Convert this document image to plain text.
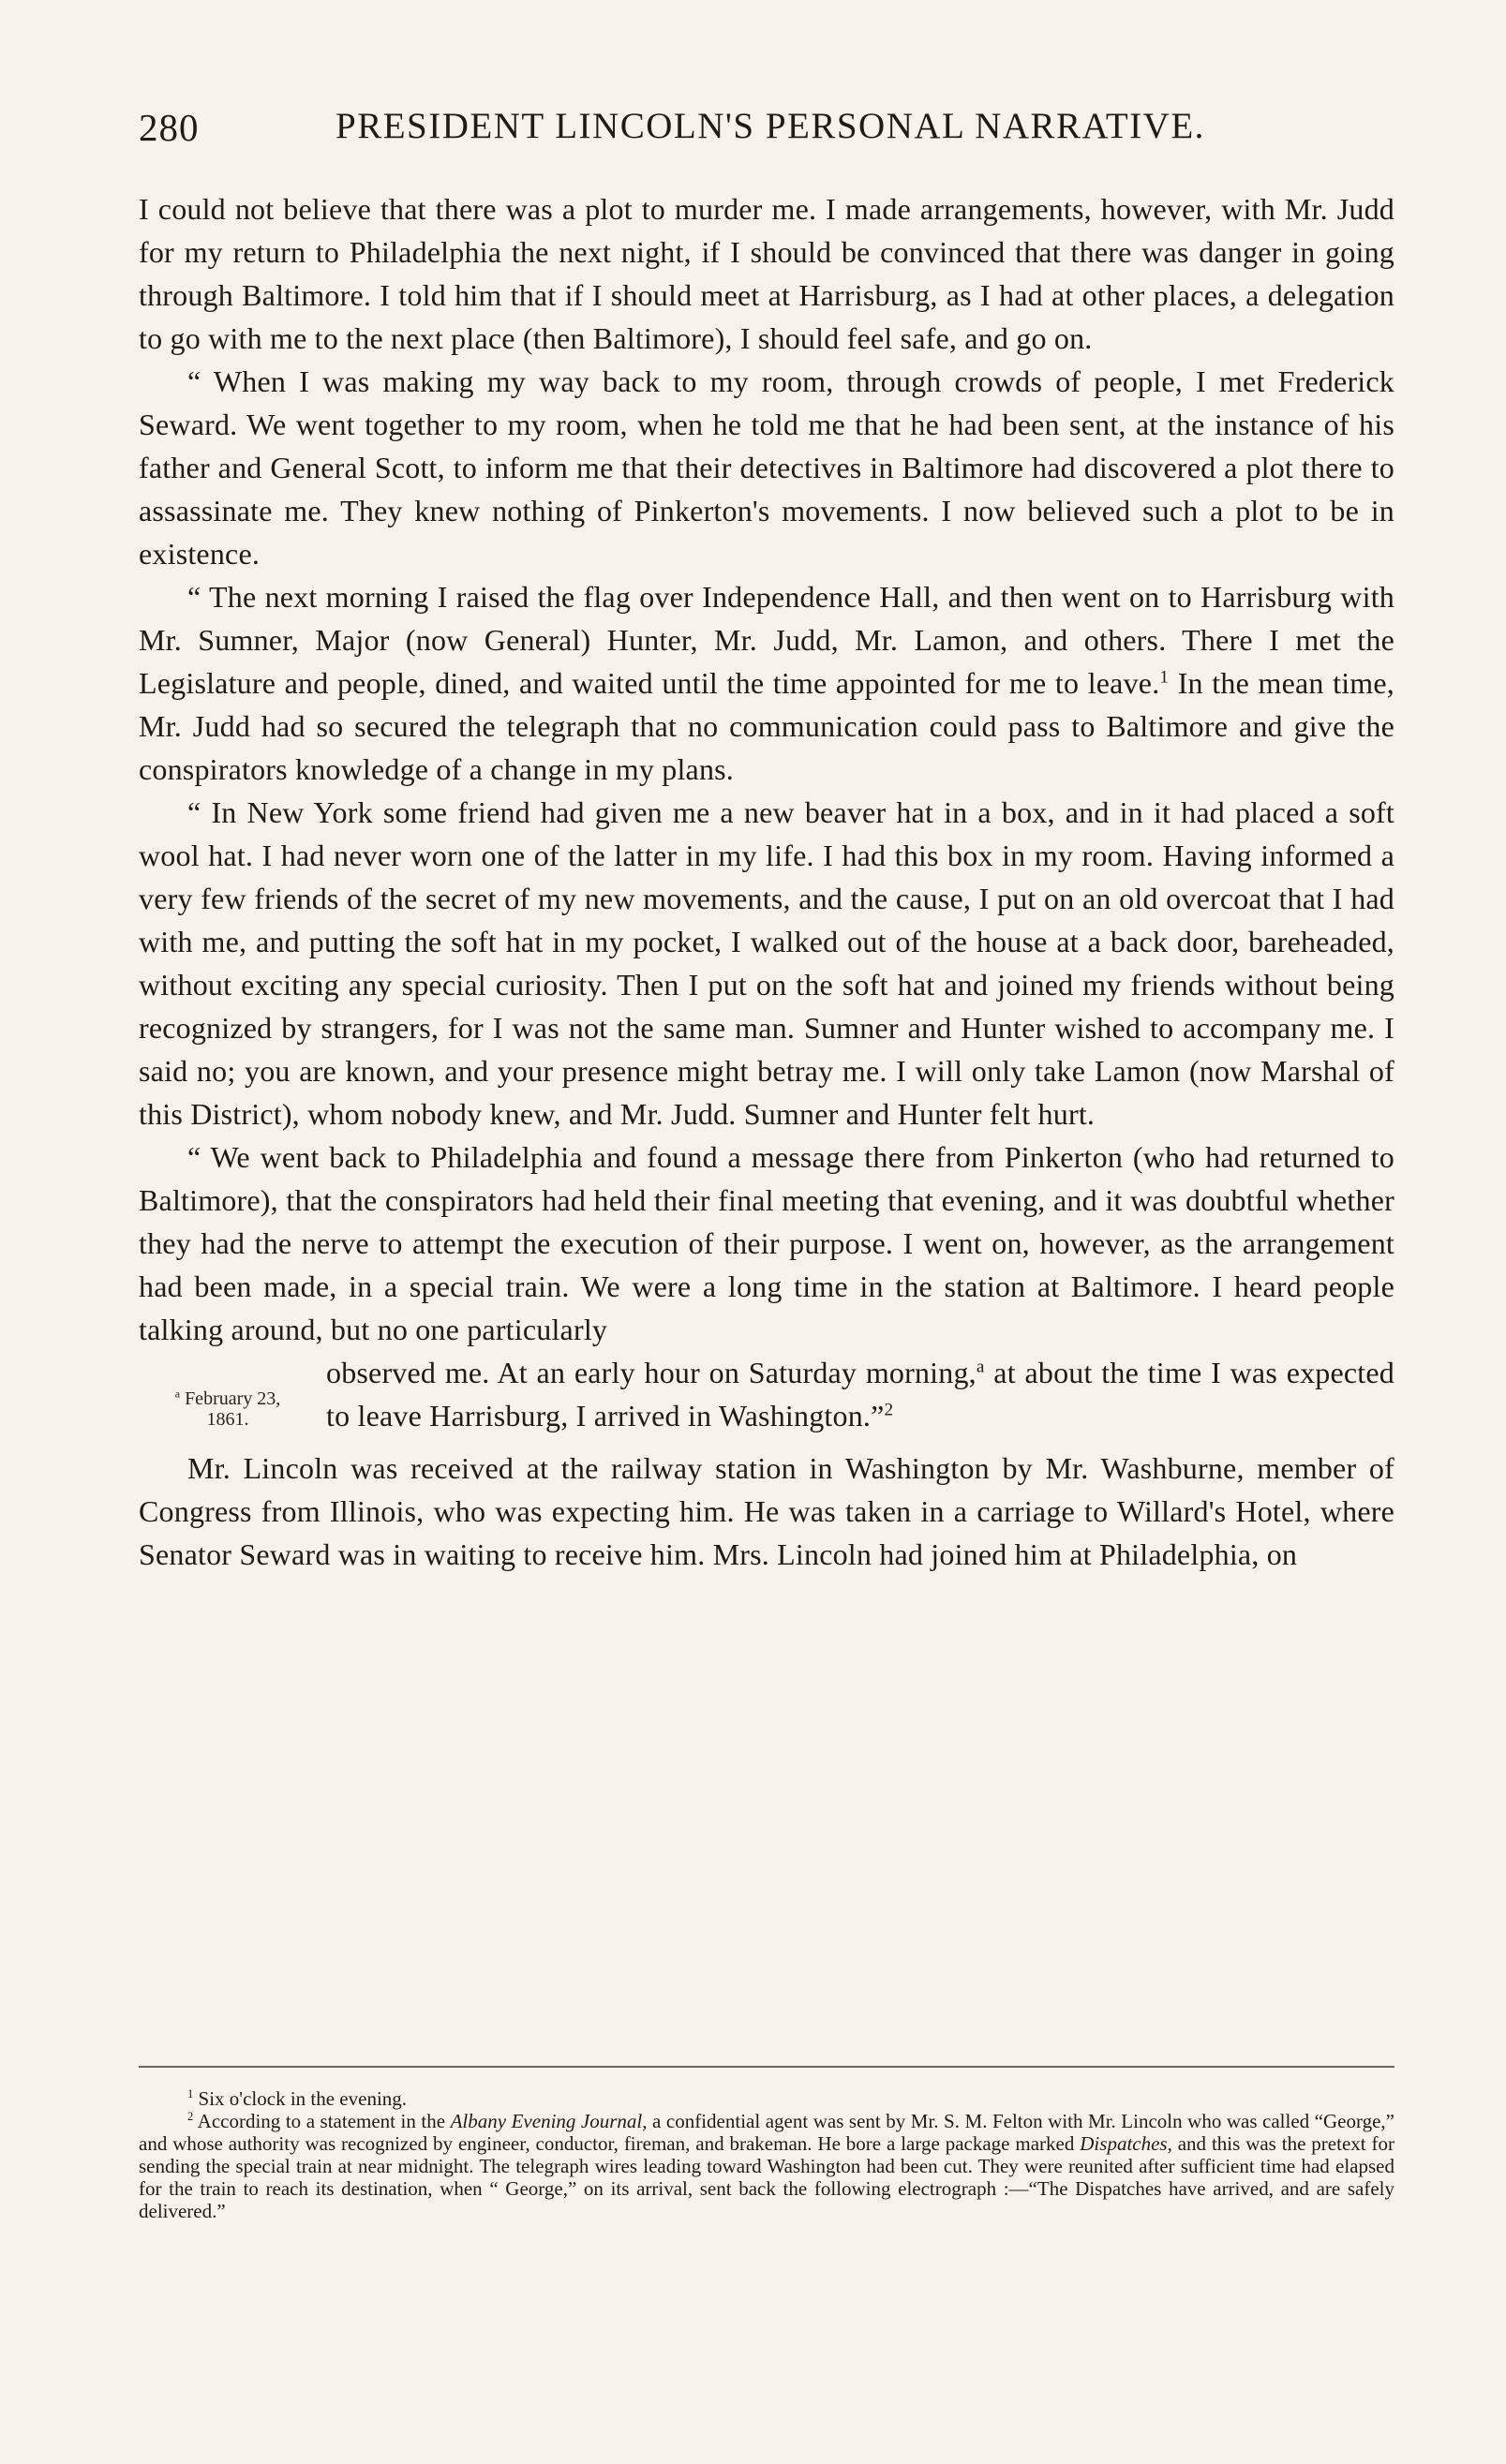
280	PRESIDENT LINCOLN'S PERSONAL NARRATIVE.

I could not believe that there was a plot to murder me. I made arrangements, however, with Mr. Judd for my return to Philadelphia the next night, if I should be convinced that there was danger in going through Baltimore. I told him that if I should meet at Harrisburg, as I had at other places, a delegation to go with me to the next place (then Baltimore), I should feel safe, and go on.

“ When I was making my way back to my room, through crowds of people, I met Frederick Seward. We went together to my room, when he told me that he had been sent, at the instance of his father and General Scott, to inform me that their detectives in Baltimore had discovered a plot there to assassinate me. They knew nothing of Pinkerton's movements. I now believed such a plot to be in existence.

“ The next morning I raised the flag over Independence Hall, and then went on to Harrisburg with Mr. Sumner, Major (now General) Hunter, Mr. Judd, Mr. Lamon, and others. There I met the Legislature and people, dined, and waited until the time appointed for me to leave.$^1$ In the mean time, Mr. Judd had so secured the telegraph that no communication could pass to Baltimore and give the conspirators knowledge of a change in my plans.

“ In New York some friend had given me a new beaver hat in a box, and in it had placed a soft wool hat. I had never worn one of the latter in my life. I had this box in my room. Having informed a very few friends of the secret of my new movements, and the cause, I put on an old overcoat that I had with me, and putting the soft hat in my pocket, I walked out of the house at a back door, bareheaded, without exciting any special curiosity. Then I put on the soft hat and joined my friends without being recognized by strangers, for I was not the same man. Sumner and Hunter wished to accompany me. I said no; you are known, and your presence might betray me. I will only take Lamon (now Marshal of this District), whom nobody knew, and Mr. Judd. Sumner and Hunter felt hurt.

“ We went back to Philadelphia and found a message there from Pinkerton (who had returned to Baltimore), that the conspirators had held their final meeting that evening, and it was doubtful whether they had the nerve to attempt the execution of their purpose. I went on, however, as the arrangement had been made, in a special train. We were a long time in the station at Baltimore. I heard people talking around, but no one particularly

$^a$ February 23,
1861.

observed me. At an early hour on Saturday morning,$^a$ at about the time I was expected to leave Harrisburg, I arrived in Washington.”$^2$

Mr. Lincoln was received at the railway station in Washington by Mr. Washburne, member of Congress from Illinois, who was expecting him. He was taken in a carriage to Willard's Hotel, where Senator Seward was in waiting to receive him. Mrs. Lincoln had joined him at Philadelphia, on

$^1$ Six o'clock in the evening.

$^2$ According to a statement in the Albany Evening Journal, a confidential agent was sent by Mr. S. M. Felton with Mr. Lincoln who was called “George,” and whose authority was recognized by engineer, conductor, fireman, and brakeman. He bore a large package marked Dispatches, and this was the pretext for sending the special train at near midnight. The telegraph wires leading toward Washington had been cut. They were reunited after sufficient time had elapsed for the train to reach its destination, when “ George,” on its arrival, sent back the following electrograph :—“The Dispatches have arrived, and are safely delivered.”
